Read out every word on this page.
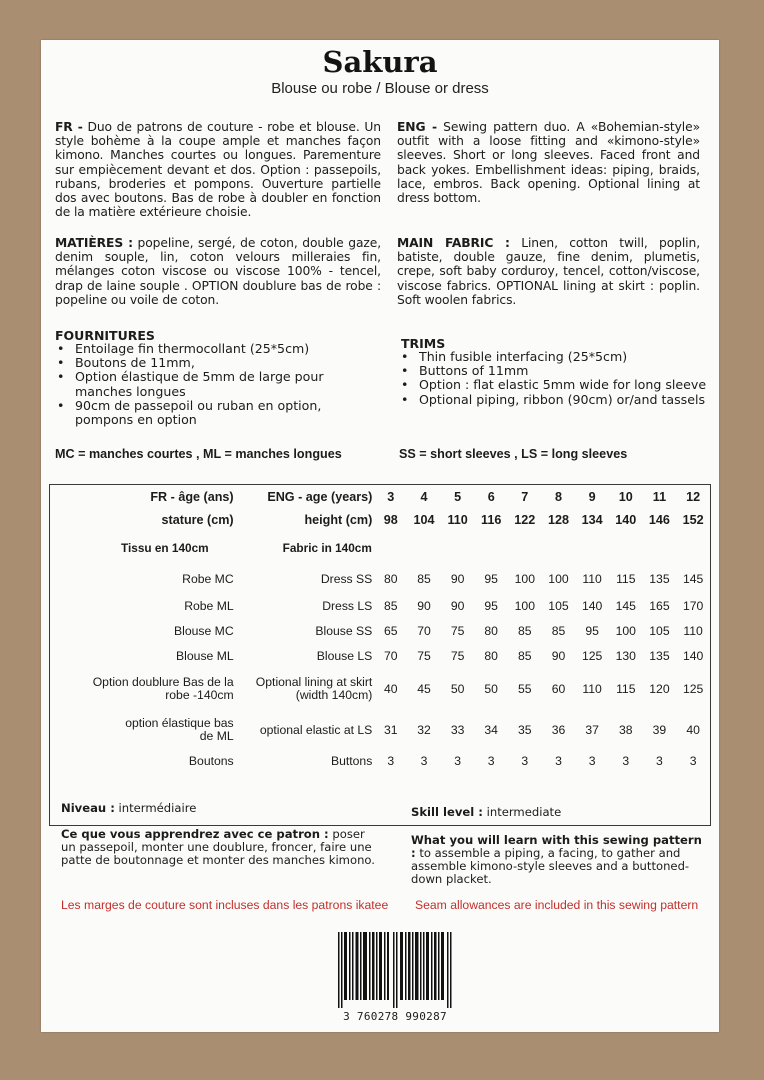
Sakura
Blouse ou robe / Blouse or dress
FR - Duo de patrons de couture - robe et blouse. Un style bohème à la coupe ample et manches façon kimono. Manches courtes ou longues. Parementure sur empiècement devant et dos. Option : passepoils, rubans, broderies et pompons. Ouverture partielle dos avec boutons. Bas de robe à doubler en fonction de la matière extérieure choisie.
ENG - Sewing pattern duo. A «Bohemian-style» outfit with a loose fitting and «kimono-style» sleeves. Short or long sleeves. Faced front and back yokes. Embellishment ideas: piping, braids, lace, embros. Back opening. Optional lining at dress bottom.
MATIÈRES : popeline, sergé, de coton, double gaze, denim souple, lin, coton velours milleraies fin, mélanges coton viscose ou viscose 100% - tencel, drap de laine souple . OPTION doublure bas de robe : popeline ou voile de coton.
MAIN FABRIC : Linen, cotton twill, poplin, batiste, double gauze, fine denim, plumetis, crepe, soft baby corduroy, tencel, cotton/viscose, viscose fabrics. OPTIONAL lining at skirt : poplin. Soft woolen fabrics.
FOURNITURES
• Entoilage fin thermocollant (25*5cm)
• Boutons de 11mm,
• Option élastique de 5mm de large pour manches longues
• 90cm de passepoil ou ruban en option, pompons en option
TRIMS
• Thin fusible interfacing (25*5cm)
• Buttons of 11mm
• Option : flat elastic 5mm wide for long sleeve
• Optional piping, ribbon (90cm) or/and tassels
MC = manches courtes , ML = manches longues	SS = short sleeves , LS = long sleeves
FR - âge (ans)	ENG - age (years)	3	4	5	6	7	8	9	10	11	12
stature (cm)	height (cm)	98	104	110	116	122	128	134	140	146	152
Tissu en 140cm	Fabric in 140cm										
Robe MC	Dress SS	80	85	90	95	100	100	110	115	135	145
Robe ML	Dress LS	85	90	90	95	100	105	140	145	165	170
Blouse MC	Blouse SS	65	70	75	80	85	85	95	100	105	110
Blouse ML	Blouse LS	70	75	75	80	85	90	125	130	135	140

Option doublure Bas de la robe -140cm	Optional lining at skirt (width 140cm)	40	45	50	50	55	60	110	115	120	125

option élastique bas de ML	optional elastic at LS	31	32	33	34	35	36	37	38	39	40
Boutons	Buttons	3	3	3	3	3	3	3	3	3	3
Niveau : intermédiaire	Skill level : intermediate
Ce que vous apprendrez avec ce patron : poser un passepoil, monter une doublure, froncer, faire une patte de boutonnage et monter des manches kimono.
What you will learn with this sewing pattern : to assemble a piping, a facing, to gather and assemble kimono-style sleeves and a buttoned-down placket.
Les marges de couture sont incluses dans les patrons ikatee Seam allowances are included in this sewing pattern
3 760278 990287
